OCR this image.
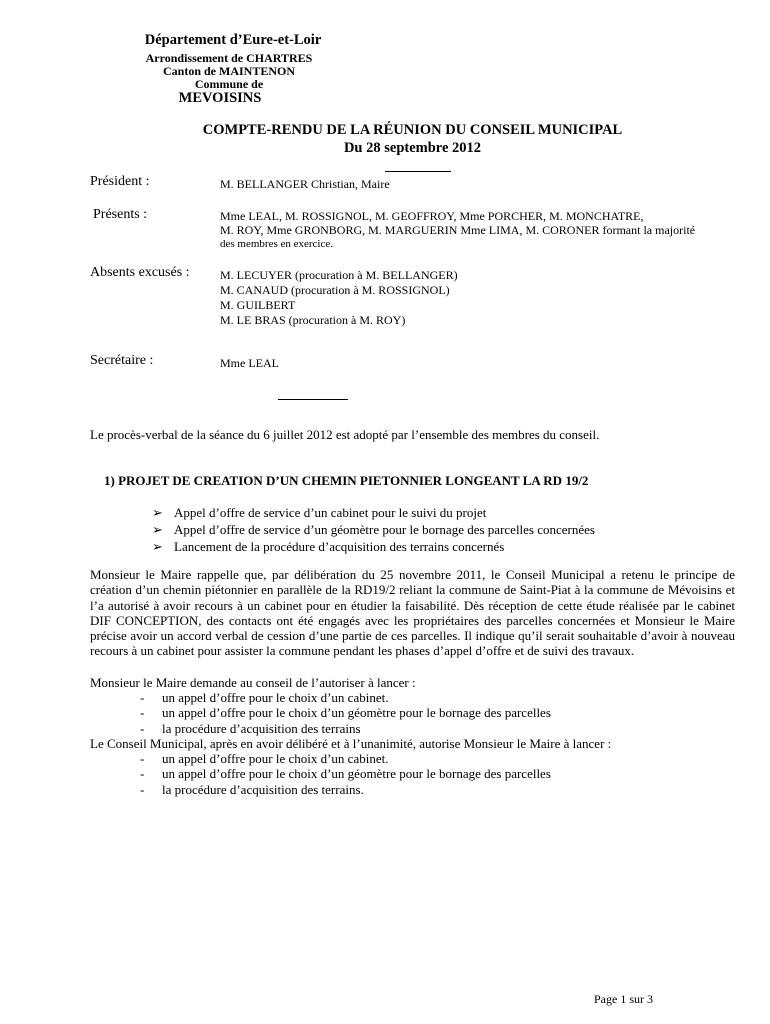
Département d’Eure-et-Loir
Arrondissement de CHARTRES
Canton de MAINTENON
Commune de
MEVOISINS
COMPTE-RENDU DE LA RÉUNION DU CONSEIL MUNICIPAL
Du 28 septembre 2012
Président :	M. BELLANGER Christian, Maire
Présents :	Mme LEAL, M. ROSSIGNOL, M. GEOFFROY, Mme PORCHER, M. MONCHATRE,
M. ROY, Mme GRONBORG, M. MARGUERIN Mme LIMA, M. CORONER formant la majorité
des membres en exercice.
Absents excusés :	M. LECUYER (procuration à M. BELLANGER)
M. CANAUD (procuration à M. ROSSIGNOL)
M. GUILBERT
M. LE BRAS (procuration à M. ROY)
Secrétaire :	Mme LEAL
Le procès-verbal de la séance du 6 juillet 2012 est adopté par l’ensemble des membres du conseil.
1) PROJET DE CREATION D’UN CHEMIN PIETONNIER LONGEANT LA RD 19/2
➢ Appel d’offre de service d’un cabinet pour le suivi du projet
➢ Appel d’offre de service d’un géomètre pour le bornage des parcelles concernées
➢ Lancement de la procédure d’acquisition des terrains concernés
Monsieur le Maire rappelle que, par délibération du 25 novembre 2011, le Conseil Municipal a retenu le principe de création d’un chemin piétonnier en parallèle de la RD19/2 reliant la commune de Saint-Piat à la commune de Mévoisins et l’a autorisé à avoir recours à un cabinet pour en étudier la faisabilité. Dès réception de cette étude réalisée par le cabinet DIF CONCEPTION, des contacts ont été engagés avec les propriétaires des parcelles concernées et Monsieur le Maire précise avoir un accord verbal de cession d’une partie de ces parcelles. Il indique qu’il serait souhaitable d’avoir à nouveau recours à un cabinet pour assister la commune pendant les phases d’appel d’offre et de suivi des travaux.
Monsieur le Maire demande au conseil de l’autoriser à lancer :
- un appel d’offre pour le choix d’un cabinet.
- un appel d’offre pour le choix d’un géomètre pour le bornage des parcelles
- la procédure d’acquisition des terrains
Le Conseil Municipal, après en avoir délibéré et à l’unanimité, autorise Monsieur le Maire à lancer :
- un appel d’offre pour le choix d’un cabinet.
- un appel d’offre pour le choix d’un géomètre pour le bornage des parcelles
- la procédure d’acquisition des terrains.
Page 1 sur 3
